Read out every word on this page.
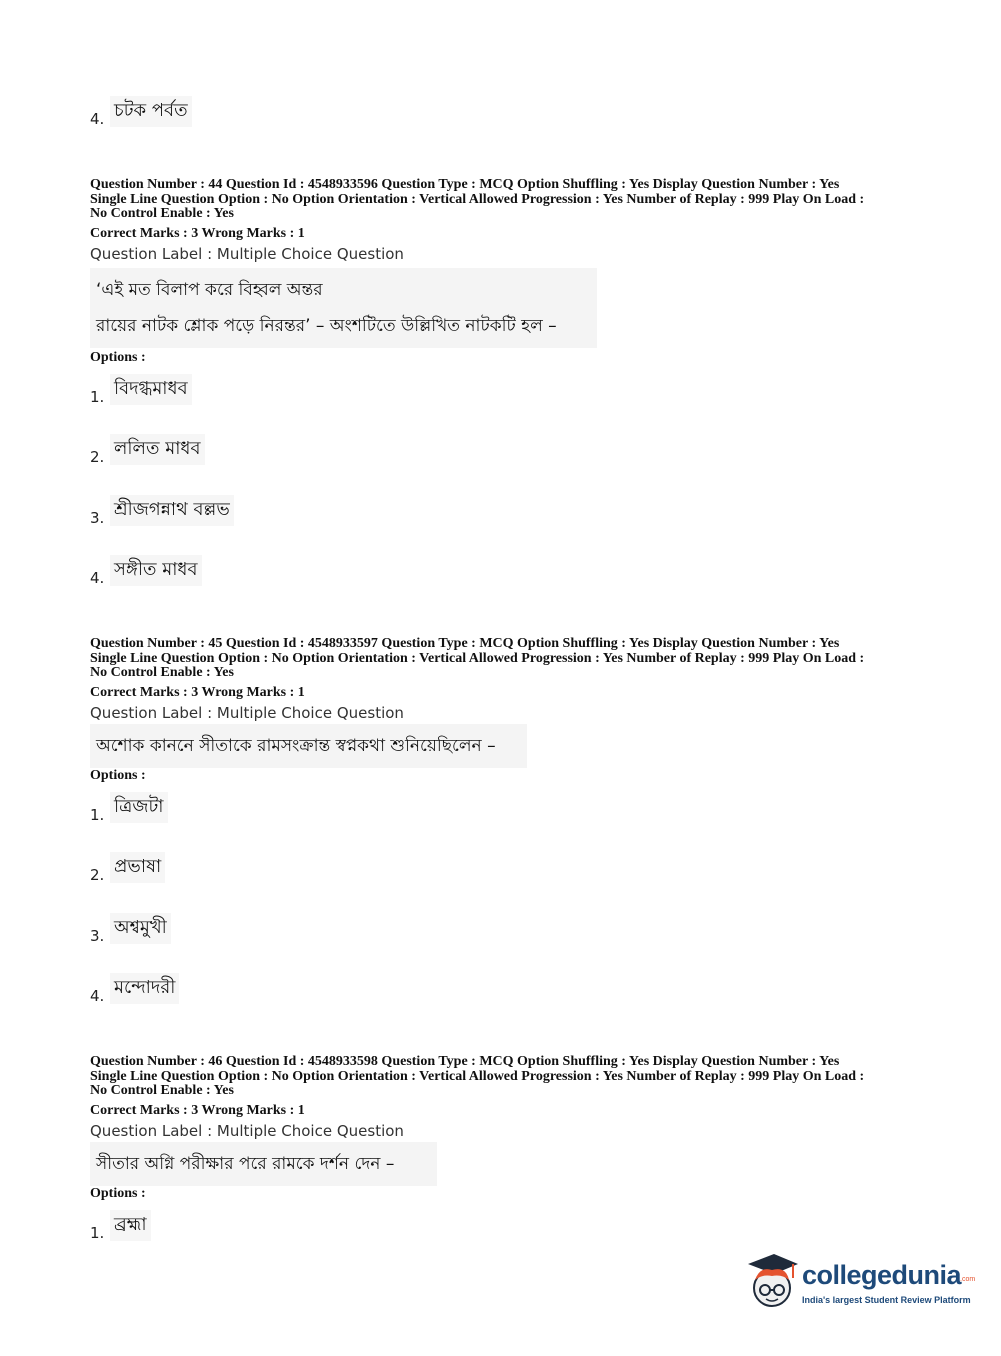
4. চটক পর্বত
Question Number : 44 Question Id : 4548933596 Question Type : MCQ Option Shuffling : Yes Display Question Number : Yes
Single Line Question Option : No Option Orientation : Vertical Allowed Progression : Yes Number of Replay : 999 Play On Load :
No Control Enable : Yes
Correct Marks : 3 Wrong Marks : 1
Question Label : Multiple Choice Question
‘এই মত বিলাপ করে বিহ্বল অন্তর
রায়ের নাটক শ্লোক পড়ে নিরন্তর’ – অংশটিতে উল্লিখিত নাটকটি হল –
Options :
1. বিদগ্ধমাধব
2. ললিত মাধব
3. শ্রীজগন্নাথ বল্লভ
4. সঙ্গীত মাধব
Question Number : 45 Question Id : 4548933597 Question Type : MCQ Option Shuffling : Yes Display Question Number : Yes
Single Line Question Option : No Option Orientation : Vertical Allowed Progression : Yes Number of Replay : 999 Play On Load :
No Control Enable : Yes
Correct Marks : 3 Wrong Marks : 1
Question Label : Multiple Choice Question
অশোক কাননে সীতাকে রামসংক্রান্ত স্বপ্নকথা শুনিয়েছিলেন –
Options :
1. ত্রিজটা
2. প্রভাষা
3. অশ্বমুখী
4. মন্দোদরী
Question Number : 46 Question Id : 4548933598 Question Type : MCQ Option Shuffling : Yes Display Question Number : Yes
Single Line Question Option : No Option Orientation : Vertical Allowed Progression : Yes Number of Replay : 999 Play On Load :
No Control Enable : Yes
Correct Marks : 3 Wrong Marks : 1
Question Label : Multiple Choice Question
সীতার অগ্নি পরীক্ষার পরে রামকে দর্শন দেন –
Options :
1. ব্রহ্মা
collegedunia
.com
India's largest Student Review Platform
